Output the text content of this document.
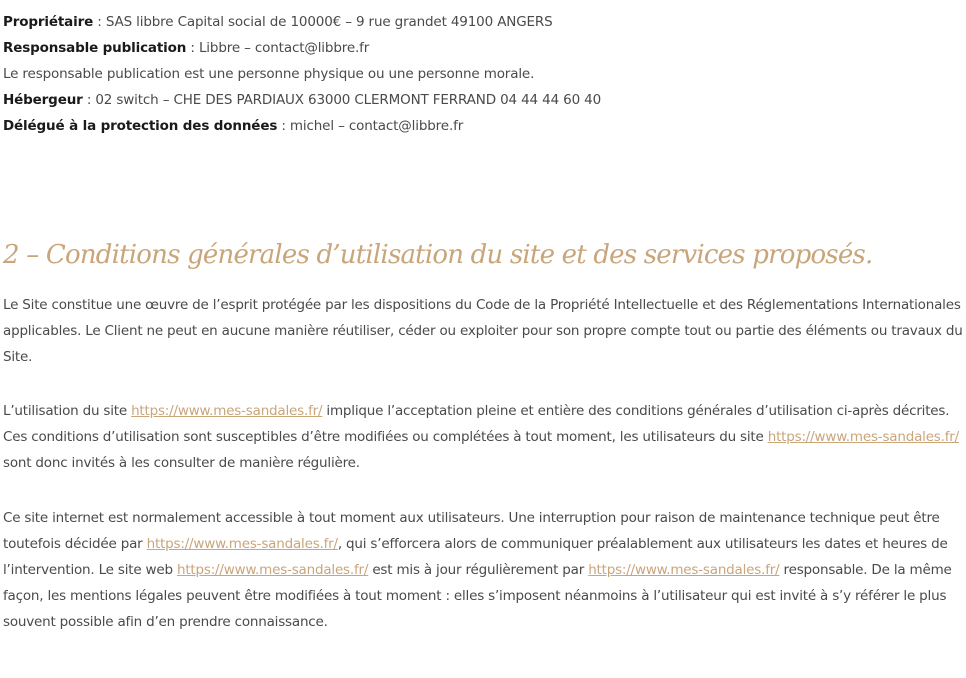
Propriétaire : SAS libbre Capital social de 10000€ – 9 rue grandet 49100 ANGERS
Responsable publication : Libbre – contact@libbre.fr
Le responsable publication est une personne physique ou une personne morale.
Hébergeur : 02 switch – CHE DES PARDIAUX 63000 CLERMONT FERRAND 04 44 44 60 40
Délégué à la protection des données : michel – contact@libbre.fr
2 – Conditions générales d’utilisation du site et des services proposés.

Le Site constitue une œuvre de l’esprit protégée par les dispositions du Code de la Propriété Intellectuelle et des Réglementations Internationales applicables. Le Client ne peut en aucune manière réutiliser, céder ou exploiter pour son propre compte tout ou partie des éléments ou travaux du Site.

L’utilisation du site https://www.mes-sandales.fr/ implique l’acceptation pleine et entière des conditions générales d’utilisation ci-après décrites. Ces conditions d’utilisation sont susceptibles d’être modifiées ou complétées à tout moment, les utilisateurs du site https://www.mes-sandales.fr/ sont donc invités à les consulter de manière régulière.

Ce site internet est normalement accessible à tout moment aux utilisateurs. Une interruption pour raison de maintenance technique peut être toutefois décidée par https://www.mes-sandales.fr/, qui s’efforcera alors de communiquer préalablement aux utilisateurs les dates et heures de l’intervention. Le site web https://www.mes-sandales.fr/ est mis à jour régulièrement par https://www.mes-sandales.fr/ responsable. De la même façon, les mentions légales peuvent être modifiées à tout moment : elles s’imposent néanmoins à l’utilisateur qui est invité à s’y référer le plus souvent possible afin d’en prendre connaissance.
